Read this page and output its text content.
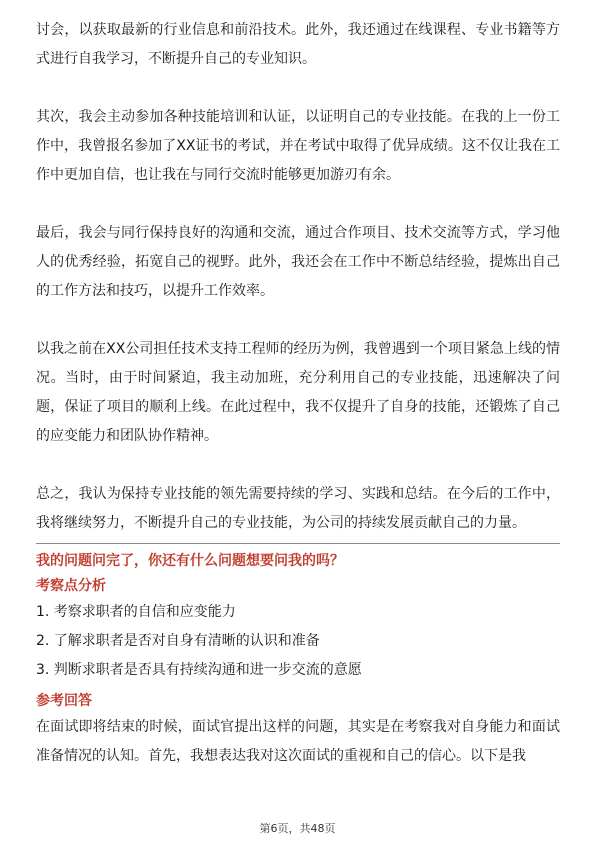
讨会，以获取最新的行业信息和前沿技术。此外，我还通过在线课程、专业书籍等方式进行自我学习，不断提升自己的专业知识。

其次，我会主动参加各种技能培训和认证，以证明自己的专业技能。在我的上一份工作中，我曾报名参加了XX证书的考试，并在考试中取得了优异成绩。这不仅让我在工作中更加自信，也让我在与同行交流时能够更加游刃有余。

最后，我会与同行保持良好的沟通和交流，通过合作项目、技术交流等方式，学习他人的优秀经验，拓宽自己的视野。此外，我还会在工作中不断总结经验，提炼出自己的工作方法和技巧，以提升工作效率。

以我之前在XX公司担任技术支持工程师的经历为例，我曾遇到一个项目紧急上线的情况。当时，由于时间紧迫，我主动加班，充分利用自己的专业技能，迅速解决了问题，保证了项目的顺利上线。在此过程中，我不仅提升了自身的技能，还锻炼了自己的应变能力和团队协作精神。

总之，我认为保持专业技能的领先需要持续的学习、实践和总结。在今后的工作中，我将继续努力，不断提升自己的专业技能，为公司的持续发展贡献自己的力量。

我的问题问完了，你还有什么问题想要问我的吗？

考察点分析

1. 考察求职者的自信和应变能力

2. 了解求职者是否对自身有清晰的认识和准备

3. 判断求职者是否具有持续沟通和进一步交流的意愿

参考回答

在面试即将结束的时候，面试官提出这样的问题，其实是在考察我对自身能力和面试准备情况的认知。首先，我想表达我对这次面试的重视和自己的信心。以下是我

第6页，共48页
